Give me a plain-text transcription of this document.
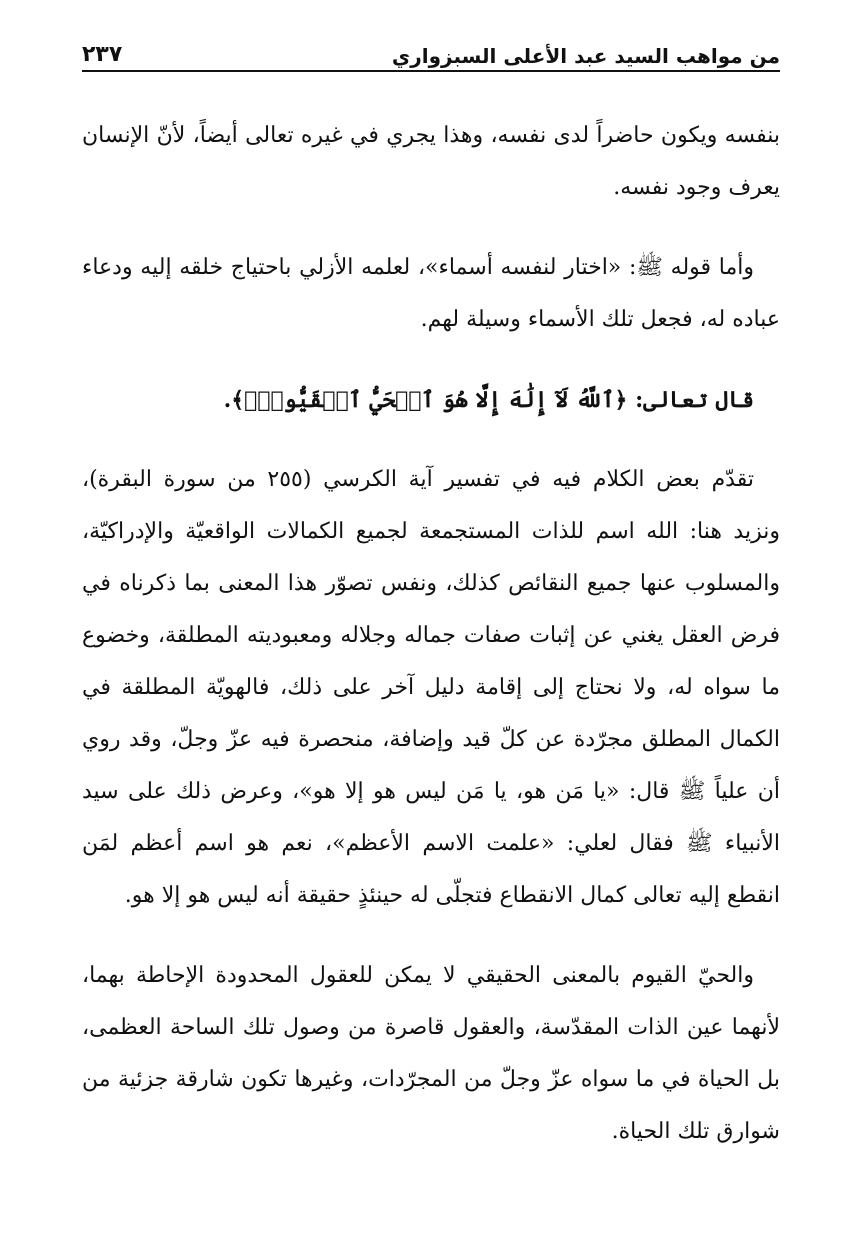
من مواهب السيد عبد الأعلى السبزواري
٢٣٧

بنفسه ويكون حاضراً لدى نفسه، وهذا يجري في غيره تعالى أيضاً، لأنّ الإنسان يعرف وجود نفسه.

وأما قوله ﷺ: «اختار لنفسه أسماء»، لعلمه الأزلي باحتياج خلقه إليه ودعاء عباده له، فجعل تلك الأسماء وسيلة لهم.

قال تعالى: ﴿ٱللَّهُ لَآ إِلَٰهَ إِلَّا هُوَ ٱلۡحَيُّ ٱلۡقَيُّومُۚ﴾.

تقدّم بعض الكلام فيه في تفسير آية الكرسي (٢٥٥ من سورة البقرة)، ونزيد هنا: الله اسم للذات المستجمعة لجميع الكمالات الواقعيّة والإدراكيّة، والمسلوب عنها جميع النقائص كذلك، ونفس تصوّر هذا المعنى بما ذكرناه في فرض العقل يغني عن إثبات صفات جماله وجلاله ومعبوديته المطلقة، وخضوع ما سواه له، ولا نحتاج إلى إقامة دليل آخر على ذلك، فالهويّة المطلقة في الكمال المطلق مجرّدة عن كلّ قيد وإضافة، منحصرة فيه عزّ وجلّ، وقد روي أن علياً ﷺ قال: «يا مَن هو، يا مَن ليس هو إلا هو»، وعرض ذلك على سيد الأنبياء ﷺ فقال لعلي: «علمت الاسم الأعظم»، نعم هو اسم أعظم لمَن انقطع إليه تعالى كمال الانقطاع فتجلّى له حينئذٍ حقيقة أنه ليس هو إلا هو.

والحيّ القيوم بالمعنى الحقيقي لا يمكن للعقول المحدودة الإحاطة بهما، لأنهما عين الذات المقدّسة، والعقول قاصرة من وصول تلك الساحة العظمى، بل الحياة في ما سواه عزّ وجلّ من المجرّدات، وغيرها تكون شارقة جزئية من شوارق تلك الحياة.
